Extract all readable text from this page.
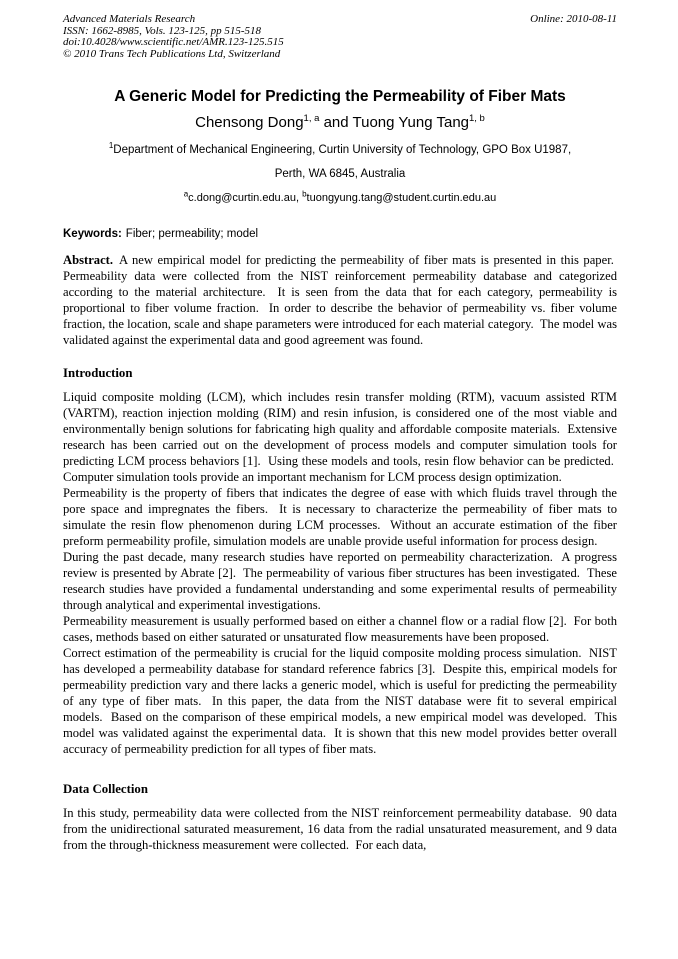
Advanced Materials Research
ISSN: 1662-8985, Vols. 123-125, pp 515-518
doi:10.4028/www.scientific.net/AMR.123-125.515
© 2010 Trans Tech Publications Ltd, Switzerland
Online: 2010-08-11
A Generic Model for Predicting the Permeability of Fiber Mats
Chensong Dong$^{1, a}$ and Tuong Yung Tang$^{1, b}$
$^1$Department of Mechanical Engineering, Curtin University of Technology, GPO Box U1987,
Perth, WA 6845, Australia
$^a$c.dong@curtin.edu.au, $^b$tuongyung.tang@student.curtin.edu.au
Keywords: Fiber; permeability; model

Abstract. A new empirical model for predicting the permeability of fiber mats is presented in this paper.  Permeability data were collected from the NIST reinforcement permeability database and categorized according to the material architecture.  It is seen from the data that for each category, permeability is proportional to fiber volume fraction.  In order to describe the behavior of permeability vs. fiber volume fraction, the location, scale and shape parameters were introduced for each material category.  The model was validated against the experimental data and good agreement was found.

Introduction

Liquid composite molding (LCM), which includes resin transfer molding (RTM), vacuum assisted RTM (VARTM), reaction injection molding (RIM) and resin infusion, is considered one of the most viable and environmentally benign solutions for fabricating high quality and affordable composite materials.  Extensive research has been carried out on the development of process models and computer simulation tools for predicting LCM process behaviors [1].  Using these models and tools, resin flow behavior can be predicted.  Computer simulation tools provide an important mechanism for LCM process design optimization.

Permeability is the property of fibers that indicates the degree of ease with which fluids travel through the pore space and impregnates the fibers.  It is necessary to characterize the permeability of fiber mats to simulate the resin flow phenomenon during LCM processes.  Without an accurate estimation of the fiber preform permeability profile, simulation models are unable provide useful information for process design.

During the past decade, many research studies have reported on permeability characterization.  A progress review is presented by Abrate [2].  The permeability of various fiber structures has been investigated.  These research studies have provided a fundamental understanding and some experimental results of permeability through analytical and experimental investigations.

Permeability measurement is usually performed based on either a channel flow or a radial flow [2].  For both cases, methods based on either saturated or unsaturated flow measurements have been proposed.

Correct estimation of the permeability is crucial for the liquid composite molding process simulation.  NIST has developed a permeability database for standard reference fabrics [3].  Despite this, empirical models for permeability prediction vary and there lacks a generic model, which is useful for predicting the permeability of any type of fiber mats.  In this paper, the data from the NIST database were fit to several empirical models.  Based on the comparison of these empirical models, a new empirical model was developed.  This model was validated against the experimental data.  It is shown that this new model provides better overall accuracy of permeability prediction for all types of fiber mats.

Data Collection

In this study, permeability data were collected from the NIST reinforcement permeability database.  90 data from the unidirectional saturated measurement, 16 data from the radial unsaturated measurement, and 9 data from the through-thickness measurement were collected.  For each data,
